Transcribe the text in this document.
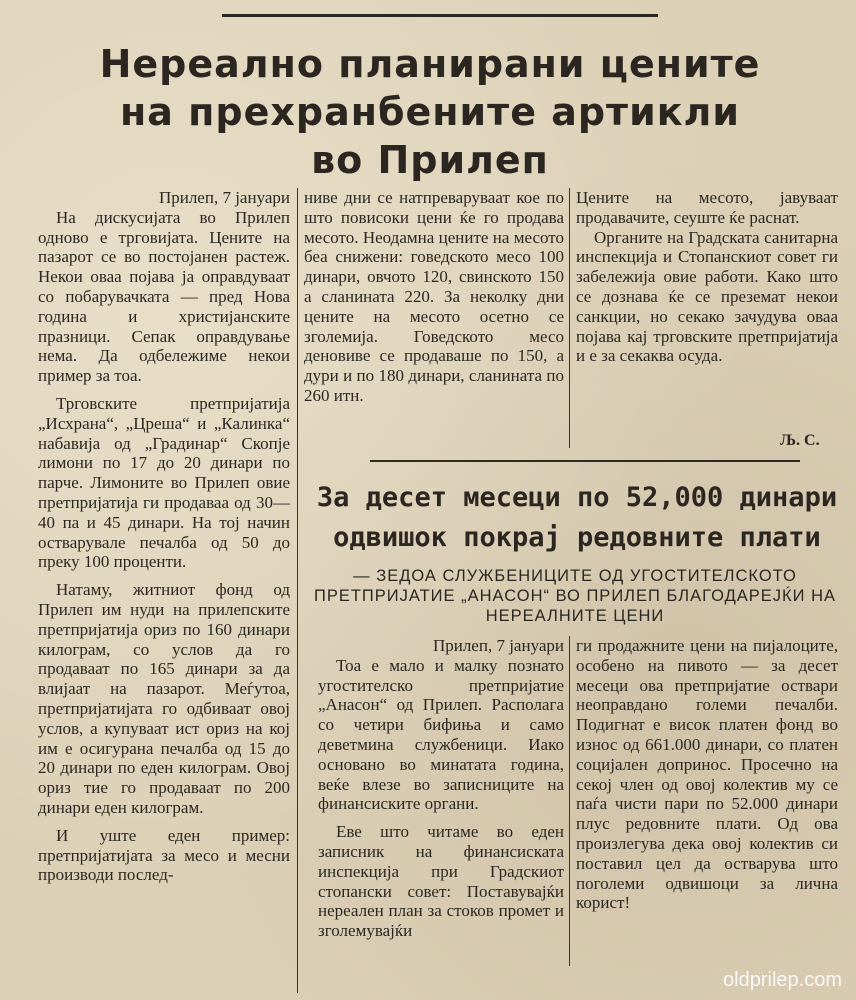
Нереално планирани цените
на прехранбените артикли
во Прилеп

Прилеп, 7 јануари

На дискусијата во Прилеп одново е трговијата. Цените на пазарот се во постојанен растеж. Некои оваа појава ја оправдуваат со побарувачката — пред Нова година и христијанските празници. Сепак оправдување нема. Да одбележиме некои пример за тоа.

Трговските претпријатија „Исхрана“, „Цреша“ и „Калинка“ набавија од „Градинар“ Скопје лимони по 17 до 20 динари по парче. Лимоните во Прилеп овие претпријатија ги продаваа од 30—40 па и 45 динари. На тој начин остварувале печалба од 50 до преку 100 проценти.

Натаму, житниот фонд од Прилеп им нуди на прилепските претпријатија ориз по 160 динари килограм, со услов да го продаваат по 165 динари за да влијаат на пазарот. Меѓутоа, претпријатијата го одбиваат овој услов, а купуваат ист ориз на кој им е осигурана печалба од 15 до 20 динари по еден килограм. Овој ориз тие го продаваат по 200 динари еден килограм.

И уште еден пример: претпријатијата за месо и месни производи послед-

ниве дни се натпреваруваат кое по што повисоки цени ќе го продава месото. Неодамна цените на месото беа снижени: говедското месо 100 динари, овчото 120, свинското 150 а сланината 220. За неколку дни цените на месото осетно се зголемија. Говедското месо деновиве се продаваше по 150, а дури и по 180 динари, сланината по 260 итн.

Цените на месото, јавуваат продавачите, сеуште ќе раснат.

Органите на Градската санитарна инспекција и Стопанскиот совет ги забележија овие работи. Како што се дознава ќе се преземат некои санкции, но секако зачудува оваа појава кај трговските претпријатија и е за секаква осуда.

Љ. С.
За десет месеци по 52,000 динари
одвишок покрај редовните плати
— ЗЕДОА СЛУЖБЕНИЦИТЕ ОД УГОСТИТЕЛСКОТО ПРЕТПРИЈАТИЕ „АНАСОН“ ВО ПРИЛЕП БЛАГОДАРЕЈЌИ НА НЕРЕАЛНИТЕ ЦЕНИ

Прилеп, 7 јануари

Тоа е мало и малку познато угостителско претпријатие „Анасон“ од Прилеп. Располага со четири бифиња и само деветмина службеници. Иако основано во минатата година, веќе влезе во записниците на финансиските органи.

Еве што читаме во еден записник на финансиската инспекција при Градскиот стопански совет: Поставувајќи нереален план за стоков промет и зголемувајќи

ги продажните цени на пијалоците, особено на пивото — за десет месеци ова претпријатие оствари неоправдано големи печалби. Подигнат е висок платен фонд во износ од 661.000 динари, со платен социјален допринос. Просечно на секој член од овој колектив му се паѓа чисти пари по 52.000 динари плус редовните плати. Од ова произлегува дека овој колектив си поставил цел да остварува што поголеми одвишоци за лична корист!

oldprilep.com
